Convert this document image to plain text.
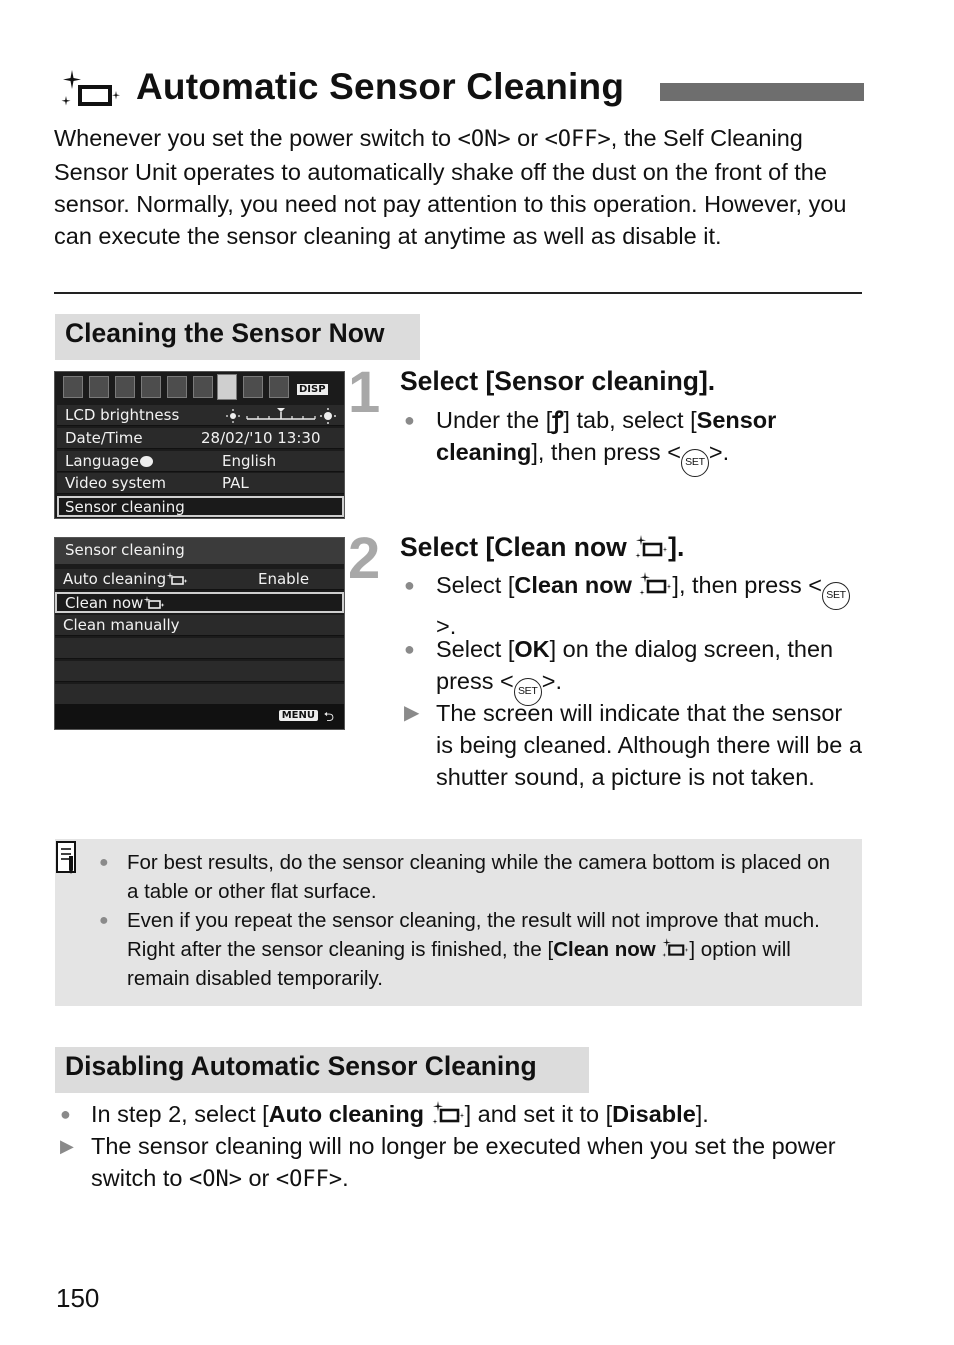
Automatic Sensor Cleaning
Whenever you set the power switch to <ON> or <OFF>, the Self Cleaning Sensor Unit operates to automatically shake off the dust on the front of the sensor. Normally, you need not pay attention to this operation. However, you can execute the sensor cleaning at anytime as well as disable it.
Cleaning the Sensor Now
DISP
LCD brightness
Date/Time	28/02/'10 13:30
Language	English
Video system	PAL
Sensor cleaning
1 Select [Sensor cleaning].
● Under the [ꝭ] tab, select [Sensor cleaning], then press < SET >.
Sensor cleaning
Auto cleaning	Enable
Clean now
Clean manually
MENU ⮌
2 Select [Clean now ].
● Select [Clean now ], then press < SET>.
● Select [OK] on the dialog screen, then press < SET >.
▶ The screen will indicate that the sensor is being cleaned. Although there will be a shutter sound, a picture is not taken.
● For best results, do the sensor cleaning while the camera bottom is placed on a table or other flat surface.
● Even if you repeat the sensor cleaning, the result will not improve that much. Right after the sensor cleaning is finished, the [Clean now ] option will remain disabled temporarily.
Disabling Automatic Sensor Cleaning
● In step 2, select [Auto cleaning ] and set it to [Disable].
▶ The sensor cleaning will no longer be executed when you set the power switch to <ON> or <OFF>.
150
